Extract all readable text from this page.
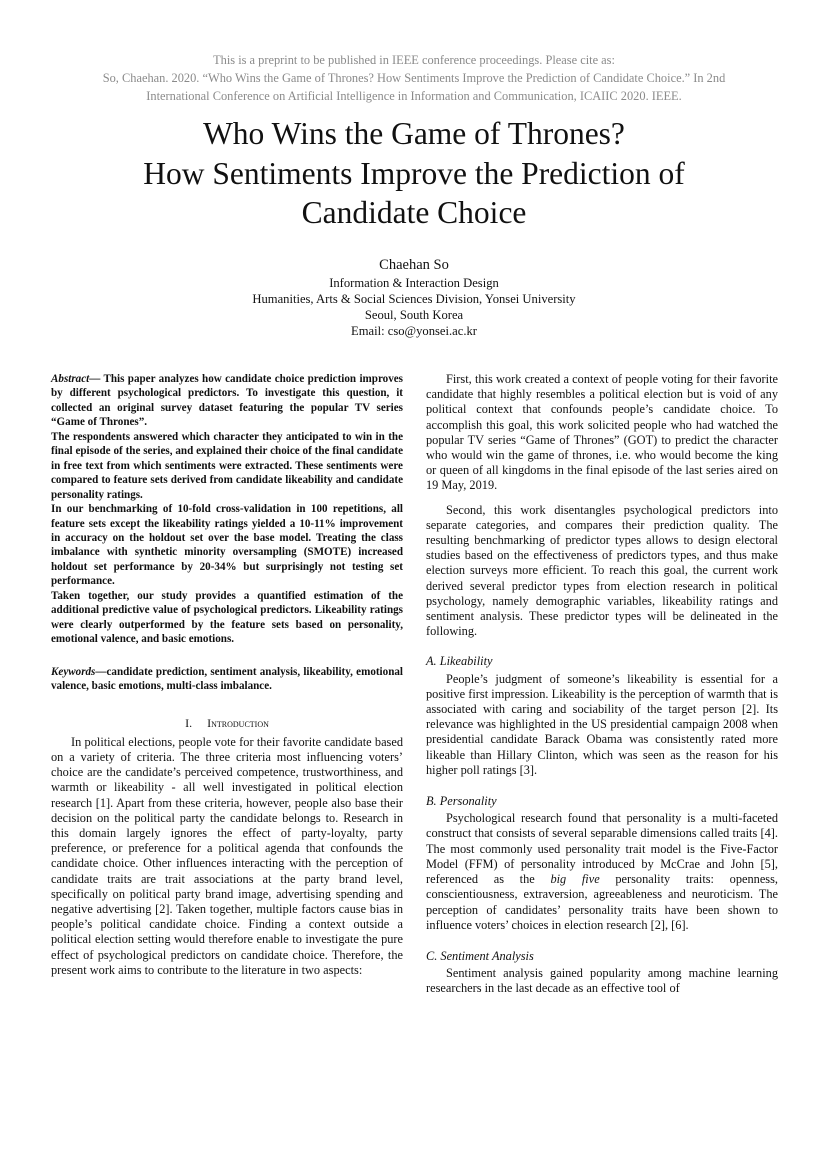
This is a preprint to be published in IEEE conference proceedings. Please cite as:
So, Chaehan. 2020. “Who Wins the Game of Thrones? How Sentiments Improve the Prediction of Candidate Choice.” In 2nd
International Conference on Artificial Intelligence in Information and Communication, ICAIIC 2020. IEEE.
Who Wins the Game of Thrones?
How Sentiments Improve the Prediction of
Candidate Choice
Chaehan So
Information & Interaction Design
Humanities, Arts & Social Sciences Division, Yonsei University
Seoul, South Korea
Email: cso@yonsei.ac.kr

Abstract— This paper analyzes how candidate choice prediction improves by different psychological predictors. To investigate this question, it collected an original survey dataset featuring the popular TV series “Game of Thrones”.

The respondents answered which character they anticipated to win in the final episode of the series, and explained their choice of the final candidate in free text from which sentiments were extracted. These sentiments were compared to feature sets derived from candidate likeability and candidate personality ratings.

In our benchmarking of 10-fold cross-validation in 100 repetitions, all feature sets except the likeability ratings yielded a 10-11% improvement in accuracy on the holdout set over the base model. Treating the class imbalance with synthetic minority oversampling (SMOTE) increased holdout set performance by 20-34% but surprisingly not testing set performance.

Taken together, our study provides a quantified estimation of the additional predictive value of psychological predictors. Likeability ratings were clearly outperformed by the feature sets based on personality, emotional valence, and basic emotions.

Keywords—candidate prediction, sentiment analysis, likeability, emotional valence, basic emotions, multi-class imbalance.

I. Introduction

In political elections, people vote for their favorite candidate based on a variety of criteria. The three criteria most influencing voters’ choice are the candidate’s perceived competence, trustworthiness, and warmth or likeability - all well investigated in political election research [1]. Apart from these criteria, however, people also base their decision on the political party the candidate belongs to. Research in this domain largely ignores the effect of party-loyalty, party preference, or preference for a political agenda that confounds the candidate choice. Other influences interacting with the perception of candidate traits are trait associations at the party brand level, specifically on political party brand image, advertising spending and negative advertising [2]. Taken together, multiple factors cause bias in people’s political candidate choice. Finding a context outside a political election setting would therefore enable to investigate the pure effect of psychological predictors on candidate choice. Therefore, the present work aims to contribute to the literature in two aspects:

First, this work created a context of people voting for their favorite candidate that highly resembles a political election but is void of any political context that confounds people’s candidate choice. To accomplish this goal, this work solicited people who had watched the popular TV series “Game of Thrones” (GOT) to predict the character who would win the game of thrones, i.e. who would become the king or queen of all kingdoms in the final episode of the last series aired on 19 May, 2019.

Second, this work disentangles psychological predictors into separate categories, and compares their prediction quality. The resulting benchmarking of predictor types allows to design electoral studies based on the effectiveness of predictors types, and thus make election surveys more efficient. To reach this goal, the current work derived several predictor types from election research in political psychology, namely demographic variables, likeability ratings and sentiment analysis. These predictor types will be delineated in the following.

A. Likeability

People’s judgment of someone’s likeability is essential for a positive first impression. Likeability is the perception of warmth that is associated with caring and sociability of the target person [2]. Its relevance was highlighted in the US presidential campaign 2008 when presidential candidate Barack Obama was consistently rated more likeable than Hillary Clinton, which was seen as the reason for his higher poll ratings [3].

B. Personality

Psychological research found that personality is a multi-faceted construct that consists of several separable dimensions called traits [4]. The most commonly used personality trait model is the Five-Factor Model (FFM) of personality introduced by McCrae and John [5], referenced as the big five personality traits: openness, conscientiousness, extraversion, agreeableness and neuroticism. The perception of candidates’ personality traits have been shown to influence voters’ choices in election research [2], [6].

C. Sentiment Analysis

Sentiment analysis gained popularity among machine learning researchers in the last decade as an effective tool of
